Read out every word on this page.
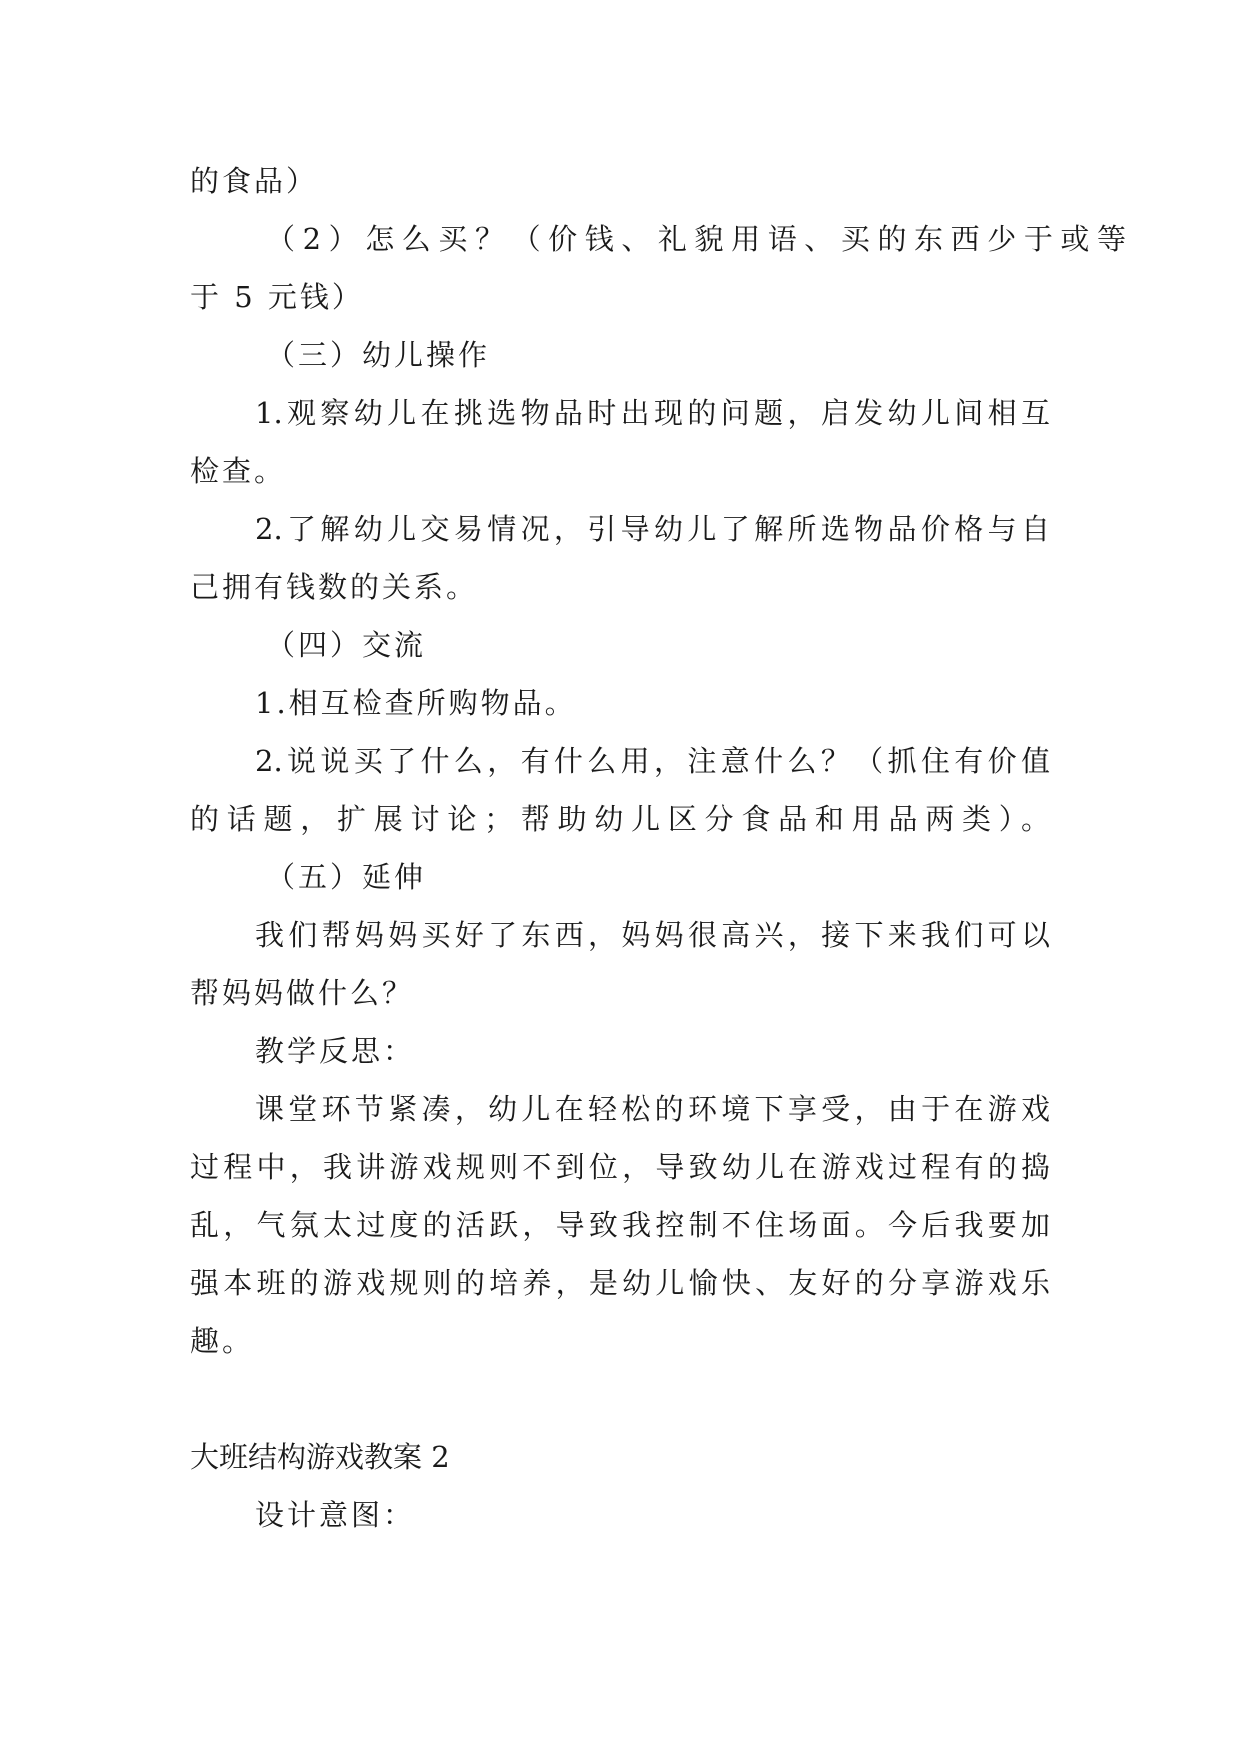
的食品）
（2）怎么买？（价钱、礼貌用语、买的东西少于或等
于 5 元钱）
（三）幼儿操作
1.观察幼儿在挑选物品时出现的问题，启发幼儿间相互
检查。
2.了解幼儿交易情况，引导幼儿了解所选物品价格与自
己拥有钱数的关系。
（四）交流
1.相互检查所购物品。
2.说说买了什么，有什么用，注意什么？（抓住有价值
的话题，扩展讨论；帮助幼儿区分食品和用品两类）。
（五）延伸
我们帮妈妈买好了东西，妈妈很高兴，接下来我们可以
帮妈妈做什么？
教学反思：
课堂环节紧凑，幼儿在轻松的环境下享受，由于在游戏
过程中，我讲游戏规则不到位，导致幼儿在游戏过程有的捣
乱，气氛太过度的活跃，导致我控制不住场面。今后我要加
强本班的游戏规则的培养，是幼儿愉快、友好的分享游戏乐
趣。
大班结构游戏教案 2
设计意图：
